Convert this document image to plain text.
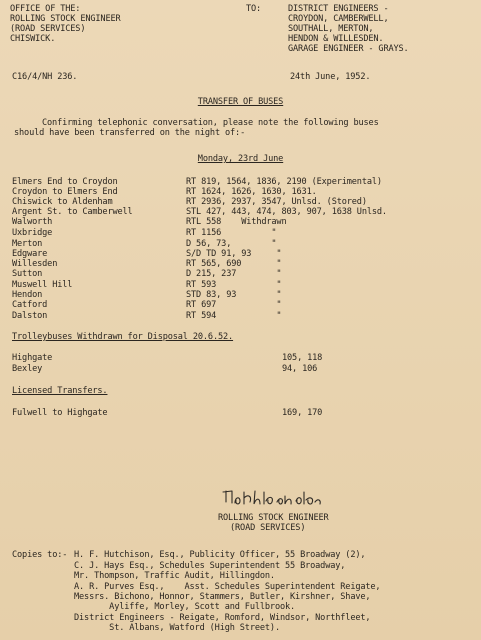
OFFICE OF THE:
ROLLING STOCK ENGINEER
(ROAD SERVICES)
CHISWICK.
TO:	DISTRICT ENGINEERS -
CROYDON, CAMBERWELL,
SOUTHALL, MERTON,
HENDON & WILLESDEN.
GARAGE ENGINEER - GRAYS.
C16/4/NH 236.	24th June, 1952.
TRANSFER OF BUSES
Confirming telephonic conversation, please note the following buses
should have been transferred on the night of:-
Monday, 23rd June
Elmers End to Croydon	RT 819, 1564, 1836, 2190 (Experimental)
Croydon to Elmers End	RT 1624, 1626, 1630, 1631.
Chiswick to Aldenham	RT 2936, 2937, 3547, Unlsd. (Stored)
Argent St. to Camberwell	STL 427, 443, 474, 803, 907, 1638 Unlsd.
Walworth	RTL 558    Withdrawn
Uxbridge	RT 1156          "
Merton	D 56, 73,        "
Edgware	S/D TD 91, 93     "
Willesden	RT 565, 690       "
Sutton	D 215, 237        "
Muswell Hill	RT 593            "
Hendon	STD 83, 93        "
Catford	RT 697            "
Dalston	RT 594            "
Trolleybuses Withdrawn for Disposal 20.6.52.
Highgate	105, 118
Bexley	94, 106
Licensed Transfers.
Fulwell to Highgate	169, 170
ROLLING STOCK ENGINEER
(ROAD SERVICES)
Copies to:- H. F. Hutchison, Esq., Publicity Officer, 55 Broadway (2),
C. J. Hays Esq., Schedules Superintendent 55 Broadway,
Mr. Thompson, Traffic Audit, Hillingdon.
A. R. Purves Esq.,    Asst. Schedules Superintendent Reigate,
Messrs. Bichono, Honnor, Stammers, Butler, Kirshner, Shave,
Ayliffe, Morley, Scott and Fullbrook.
District Engineers - Reigate, Romford, Windsor, Northfleet,
St. Albans, Watford (High Street).
